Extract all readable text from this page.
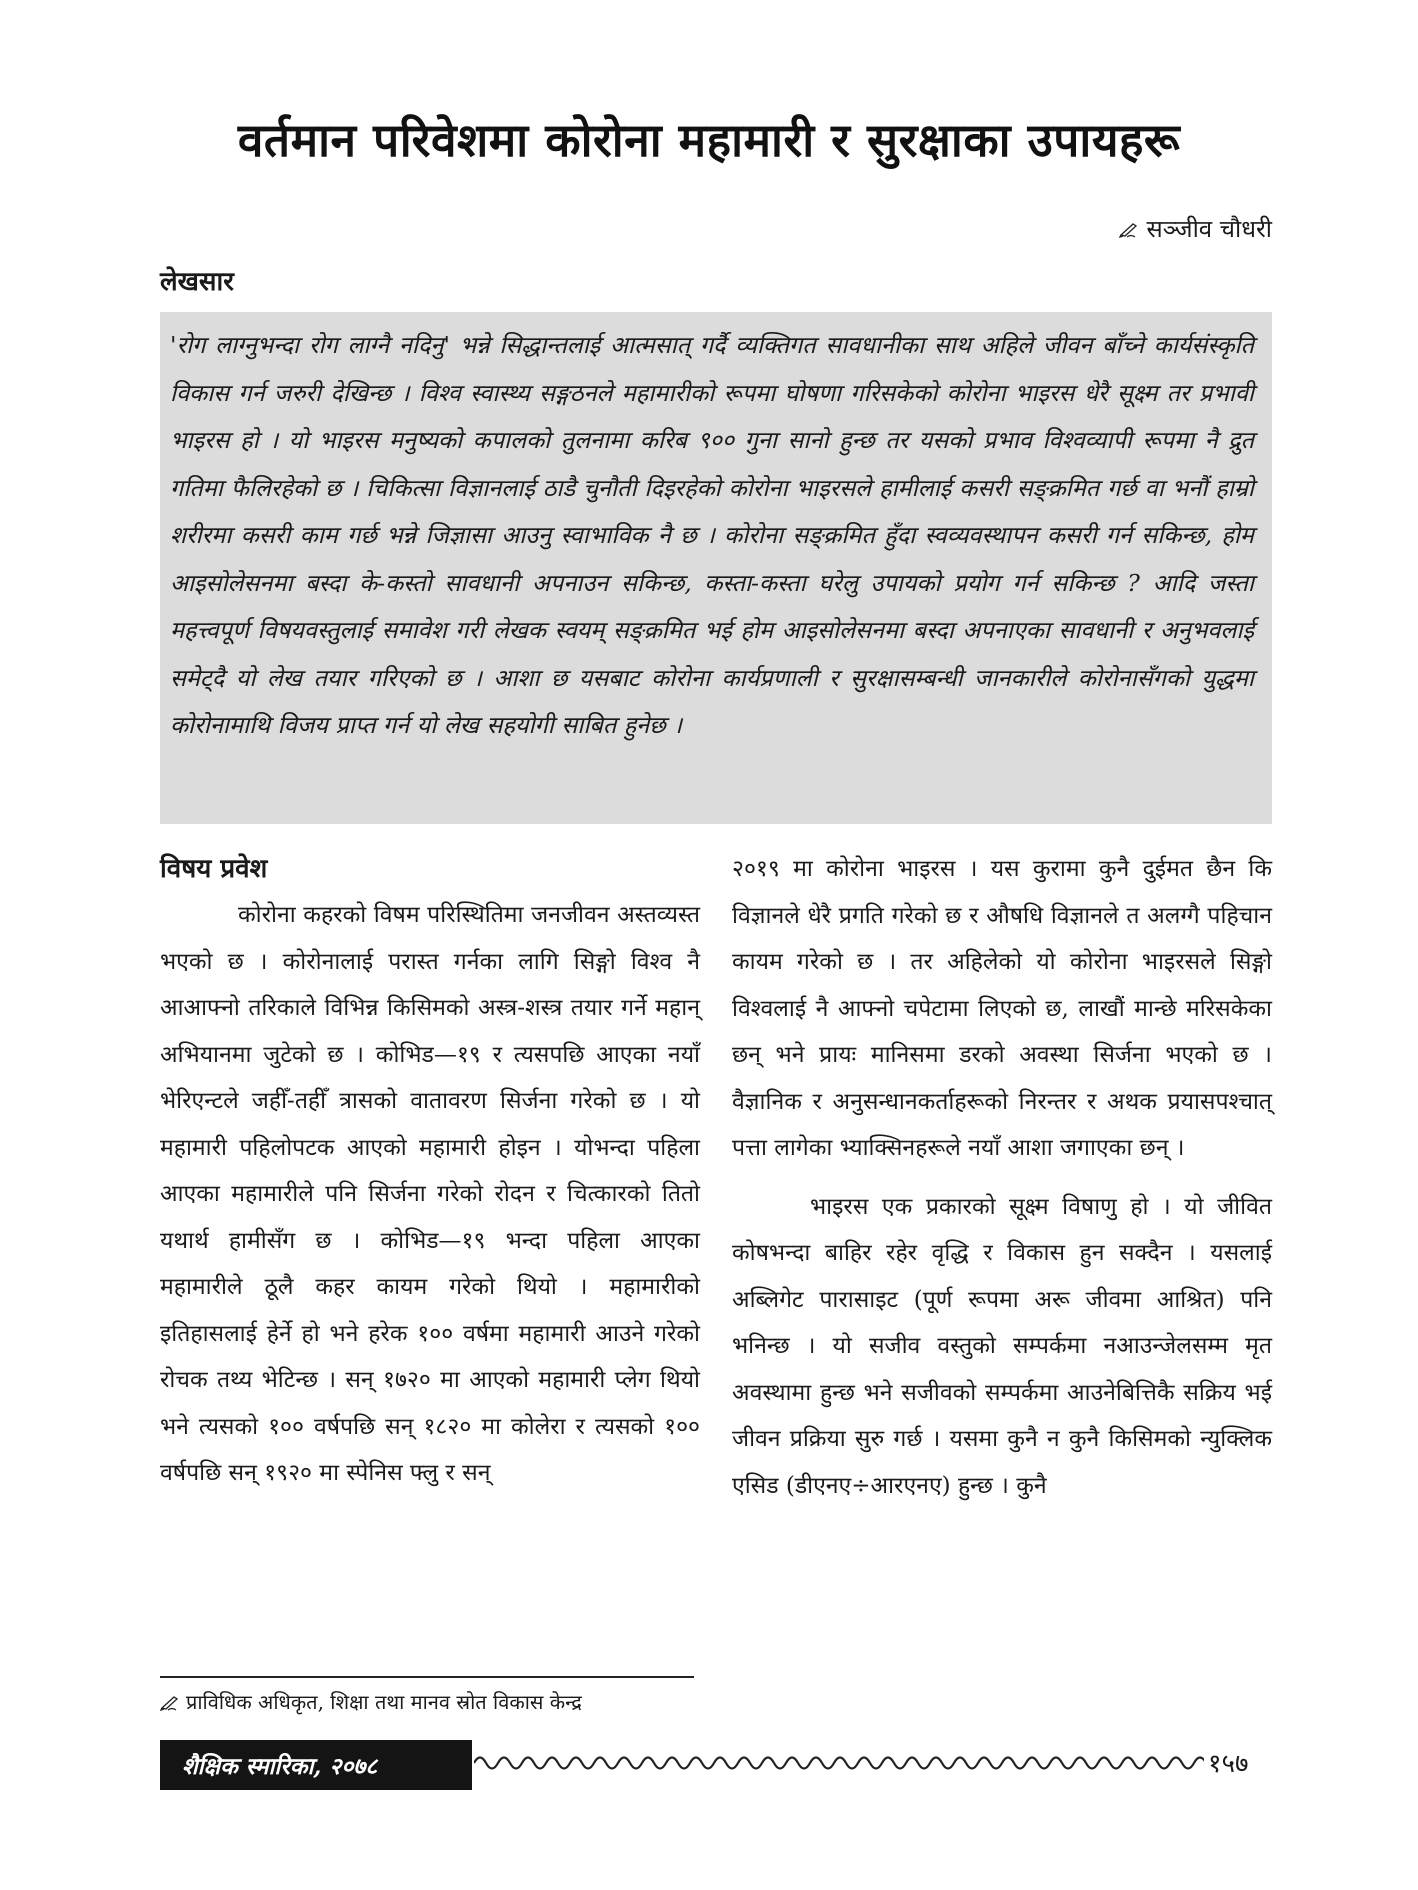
वर्तमान परिवेशमा कोरोना महामारी र सुरक्षाका उपायहरू
सञ्जीव चौधरी
लेखसार

'रोग लाग्नुभन्दा रोग लाग्नै नदिनु' भन्ने सिद्धान्तलाई आत्मसात् गर्दै व्यक्तिगत सावधानीका साथ अहिले जीवन बाँच्ने कार्यसंस्कृति विकास गर्न जरुरी देखिन्छ । विश्व स्वास्थ्य सङ्गठनले महामारीको रूपमा घोषणा गरिसकेको कोरोना भाइरस धेरै सूक्ष्म तर प्रभावी भाइरस हो । यो भाइरस मनुष्यको कपालको तुलनामा करिब ९०० गुना सानो हुन्छ तर यसको प्रभाव विश्वव्यापी रूपमा नै द्रुत गतिमा फैलिरहेको छ । चिकित्सा विज्ञानलाई ठाडै चुनौती दिइरहेको कोरोना भाइरसले हामीलाई कसरी सङ्क्रमित गर्छ वा भनौं हाम्रो शरीरमा कसरी काम गर्छ भन्ने जिज्ञासा आउनु स्वाभाविक नै छ । कोरोना सङ्क्रमित हुँदा स्वव्यवस्थापन कसरी गर्न सकिन्छ, होम आइसोलेसनमा बस्दा के-कस्तो सावधानी अपनाउन सकिन्छ, कस्ता-कस्ता घरेलु उपायको प्रयोग गर्न सकिन्छ ? आदि जस्ता महत्त्वपूर्ण विषयवस्तुलाई समावेश गरी लेखक स्वयम् सङ्क्रमित भई होम आइसोलेसनमा बस्दा अपनाएका सावधानी र अनुभवलाई समेट्दै यो लेख तयार गरिएको छ । आशा छ यसबाट कोरोना कार्यप्रणाली र सुरक्षासम्बन्धी जानकारीले कोरोनासँगको युद्धमा कोरोनामाथि विजय प्राप्त गर्न यो लेख सहयोगी साबित हुनेछ ।

विषय प्रवेश

कोरोना कहरको विषम परिस्थितिमा जनजीवन अस्तव्यस्त भएको छ । कोरोनालाई परास्त गर्नका लागि सिङ्गो विश्व नै आआफ्नो तरिकाले विभिन्न किसिमको अस्त्र-शस्त्र तयार गर्ने महान् अभियानमा जुटेको छ । कोभिड—१९ र त्यसपछि आएका नयाँ भेरिएन्टले जहीँ-तहीँ त्रासको वातावरण सिर्जना गरेको छ । यो महामारी पहिलोपटक आएको महामारी होइन । योभन्दा पहिला आएका महामारीले पनि सिर्जना गरेको रोदन र चित्कारको तितो यथार्थ हामीसँग छ । कोभिड—१९ भन्दा पहिला आएका महामारीले ठूलै कहर कायम गरेको थियो । महामारीको इतिहासलाई हेर्ने हो भने हरेक १०० वर्षमा महामारी आउने गरेको रोचक तथ्य भेटिन्छ । सन् १७२० मा आएको महामारी प्लेग थियो भने त्यसको १०० वर्षपछि सन् १८२० मा कोलेरा र त्यसको १०० वर्षपछि सन् १९२० मा स्पेनिस फ्लु र सन्

२०१९ मा कोरोना भाइरस । यस कुरामा कुनै दुईमत छैन कि विज्ञानले धेरै प्रगति गरेको छ र औषधि विज्ञानले त अलग्गै पहिचान कायम गरेको छ । तर अहिलेको यो कोरोना भाइरसले सिङ्गो विश्वलाई नै आफ्नो चपेटामा लिएको छ, लाखौं मान्छे मरिसकेका छन् भने प्रायः मानिसमा डरको अवस्था सिर्जना भएको छ । वैज्ञानिक र अनुसन्धानकर्ताहरूको निरन्तर र अथक प्रयासपश्चात् पत्ता लागेका भ्याक्सिनहरूले नयाँ आशा जगाएका छन् ।

भाइरस एक प्रकारको सूक्ष्म विषाणु हो । यो जीवित कोषभन्दा बाहिर रहेर वृद्धि र विकास हुन सक्दैन । यसलाई अब्लिगेट पारासाइट (पूर्ण रूपमा अरू जीवमा आश्रित) पनि भनिन्छ । यो सजीव वस्तुको सम्पर्कमा नआउन्जेलसम्म मृत अवस्थामा हुन्छ भने सजीवको सम्पर्कमा आउनेबित्तिकै सक्रिय भई जीवन प्रक्रिया सुरु गर्छ । यसमा कुनै न कुनै किसिमको न्युक्लिक एसिड (डीएनए÷आरएनए) हुन्छ । कुनै

प्राविधिक अधिकृत, शिक्षा तथा मानव स्रोत विकास केन्द्र
शैक्षिक स्मारिका, २०७८	१५७
